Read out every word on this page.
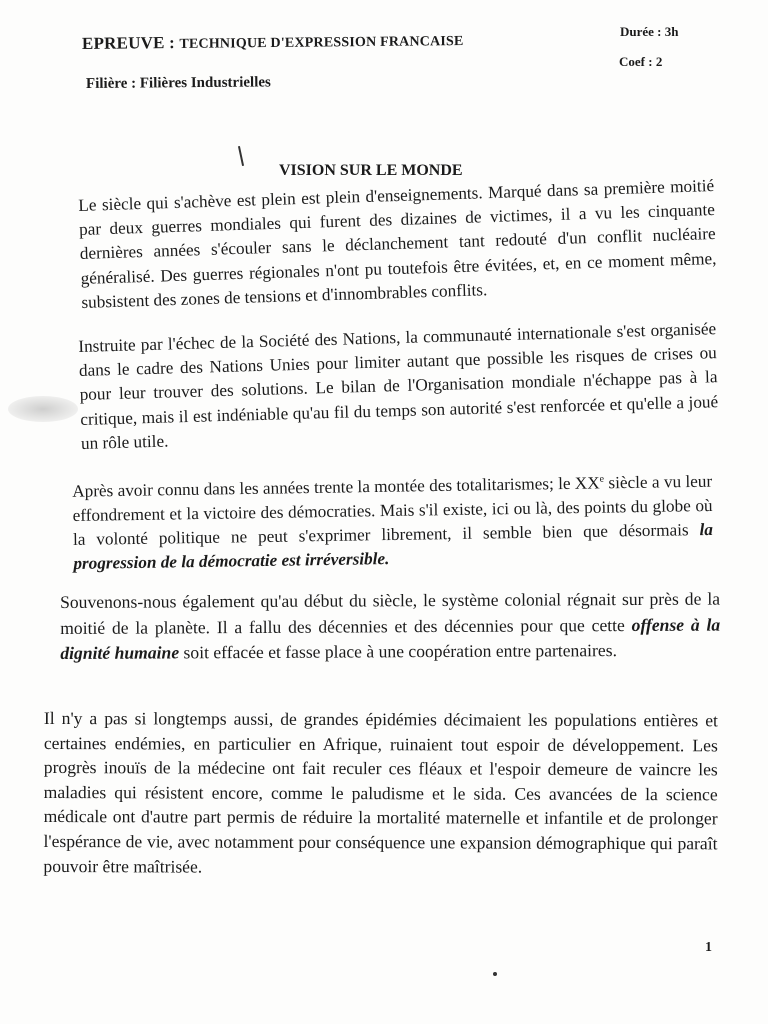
EPREUVE : TECHNIQUE D'EXPRESSION FRANCAISE
Filière : Filières Industrielles
Durée : 3h
Coef : 2
VISION SUR LE MONDE

Le siècle qui s'achève est plein est plein d'enseignements. Marqué dans sa première moitié par deux guerres mondiales qui furent des dizaines de victimes, il a vu les cinquante dernières années s'écouler sans le déclanchement tant redouté d'un conflit nucléaire généralisé. Des guerres régionales n'ont pu toutefois être évitées, et, en ce moment même, subsistent des zones de tensions et d'innombrables conflits.

Instruite par l'échec de la Société des Nations, la communauté internationale s'est organisée dans le cadre des Nations Unies pour limiter autant que possible les risques de crises ou pour leur trouver des solutions. Le bilan de l'Organisation mondiale n'échappe pas à la critique, mais il est indéniable qu'au fil du temps son autorité s'est renforcée et qu'elle a joué un rôle utile.

Après avoir connu dans les années trente la montée des totalitarismes; le XXe siècle a vu leur effondrement et la victoire des démocraties. Mais s'il existe, ici ou là, des points du globe où la volonté politique ne peut s'exprimer librement, il semble bien que désormais la progression de la démocratie est irréversible.

Souvenons-nous également qu'au début du siècle, le système colonial régnait sur près de la moitié de la planète. Il a fallu des décennies et des décennies pour que cette offense à la dignité humaine soit effacée et fasse place à une coopération entre partenaires.

Il n'y a pas si longtemps aussi, de grandes épidémies décimaient les populations entières et certaines endémies, en particulier en Afrique, ruinaient tout espoir de développement. Les progrès inouïs de la médecine ont fait reculer ces fléaux et l'espoir demeure de vaincre les maladies qui résistent encore, comme le paludisme et le sida. Ces avancées de la science médicale ont d'autre part permis de réduire la mortalité maternelle et infantile et de prolonger l'espérance de vie, avec notamment pour conséquence une expansion démographique qui paraît pouvoir être maîtrisée.

1
